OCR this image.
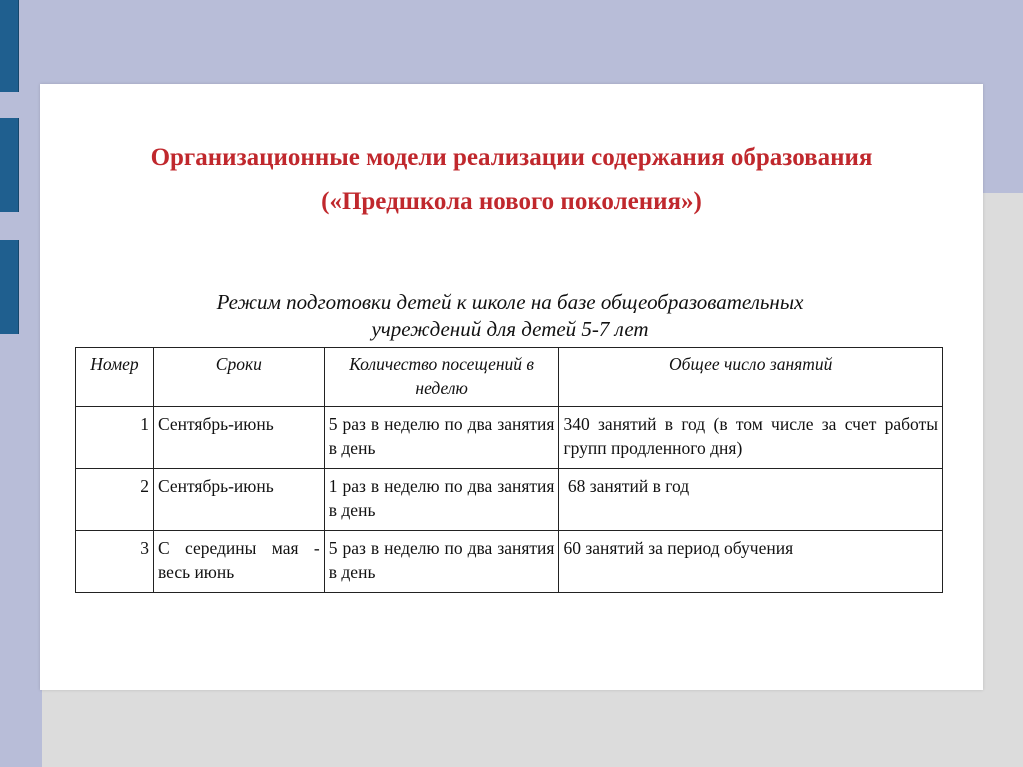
Организационные модели реализации содержания образования
(«Предшкола нового поколения»)
Режим подготовки детей к школе на базе общеобразовательных
учреждений для детей 5-7 лет
Номер	Сроки	Количество посещений в неделю	Общее число занятий
1	Сентябрь-июнь	5 раз в неделю по два занятия в день	340 занятий в год (в том числе за счет работы групп продленного дня)
2	Сентябрь-июнь	1 раз в неделю по два занятия в день	68 занятий в год
3	С середины мая - весь июнь	5 раз в неделю по два занятия в день	60 занятий за период обучения
